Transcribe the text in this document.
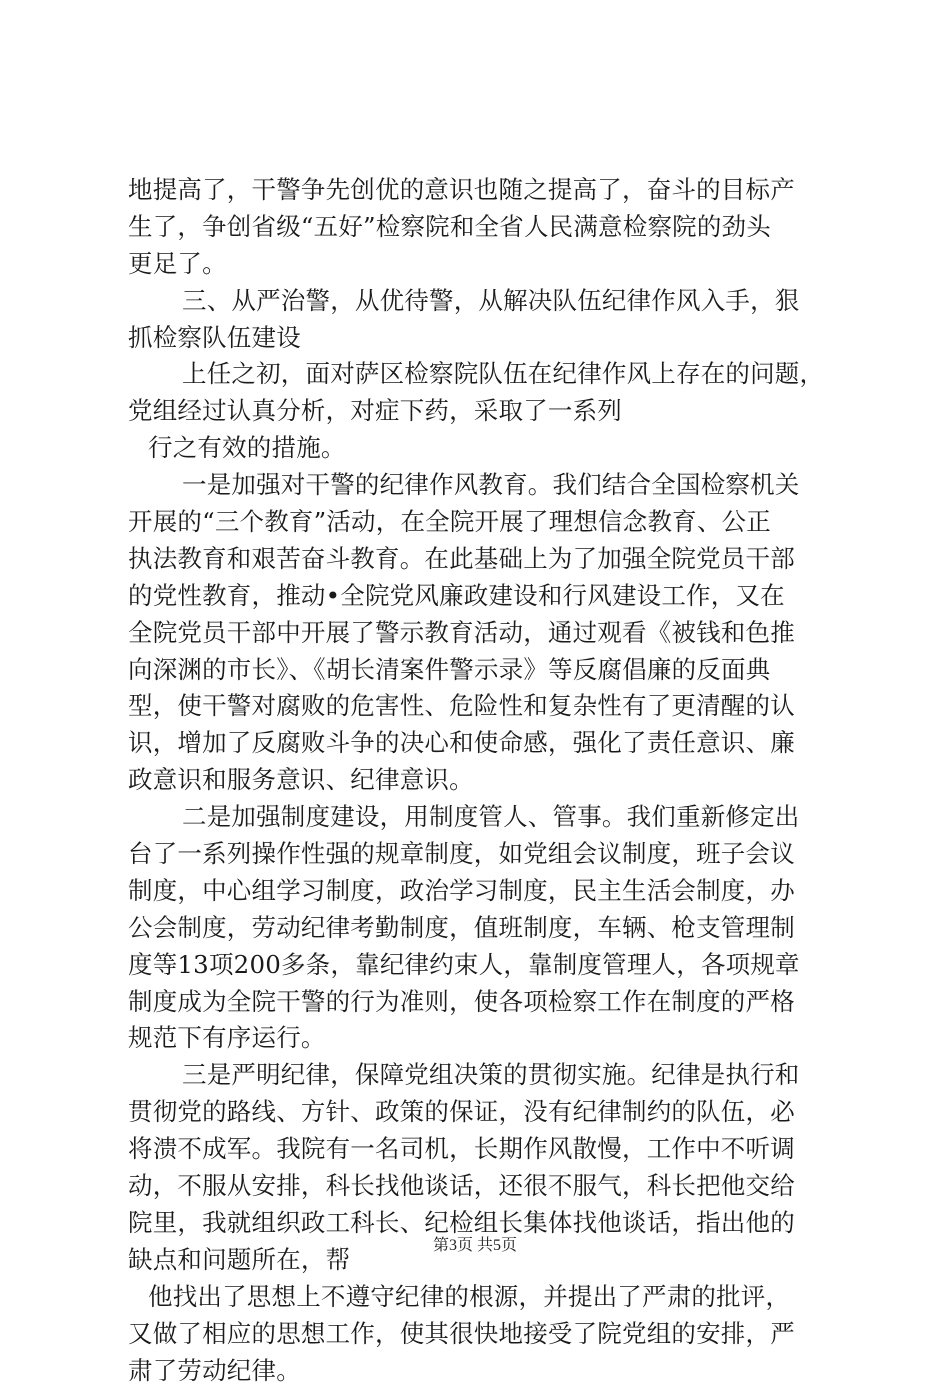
地提高了，干警争先创优的意识也随之提高了，奋斗的目标产
生了，争创省级“五好”检察院和全省人民满意检察院的劲头
更足了。
三、从严治警，从优待警，从解决队伍纪律作风入手，狠
抓检察队伍建设
上任之初，面对萨区检察院队伍在纪律作风上存在的问题，
党组经过认真分析，对症下药，采取了一系列
行之有效的措施。
一是加强对干警的纪律作风教育。我们结合全国检察机关
开展的“三个教育”活动，在全院开展了理想信念教育、公正
执法教育和艰苦奋斗教育。在此基础上为了加强全院党员干部
的党性教育，推动•全院党风廉政建设和行风建设工作，又在
全院党员干部中开展了警示教育活动，通过观看《被钱和色推
向深渊的市长》、《胡长清案件警示录》等反腐倡廉的反面典
型，使干警对腐败的危害性、危险性和复杂性有了更清醒的认
识，增加了反腐败斗争的决心和使命感，强化了责任意识、廉
政意识和服务意识、纪律意识。
二是加强制度建设，用制度管人、管事。我们重新修定出
台了一系列操作性强的规章制度，如党组会议制度，班子会议
制度，中心组学习制度，政治学习制度，民主生活会制度，办
公会制度，劳动纪律考勤制度，值班制度，车辆、枪支管理制
度等13项200多条，靠纪律约束人，靠制度管理人，各项规章
制度成为全院干警的行为准则，使各项检察工作在制度的严格
规范下有序运行。
三是严明纪律，保障党组决策的贯彻实施。纪律是执行和
贯彻党的路线、方针、政策的保证，没有纪律制约的队伍，必
将溃不成军。我院有一名司机，长期作风散慢，工作中不听调
动，不服从安排，科长找他谈话，还很不服气，科长把他交给
院里，我就组织政工科长、纪检组长集体找他谈话，指出他的
缺点和问题所在，帮
他找出了思想上不遵守纪律的根源，并提出了严肃的批评，
又做了相应的思想工作，使其很快地接受了院党组的安排，严
肃了劳动纪律。
第3页 共5页
